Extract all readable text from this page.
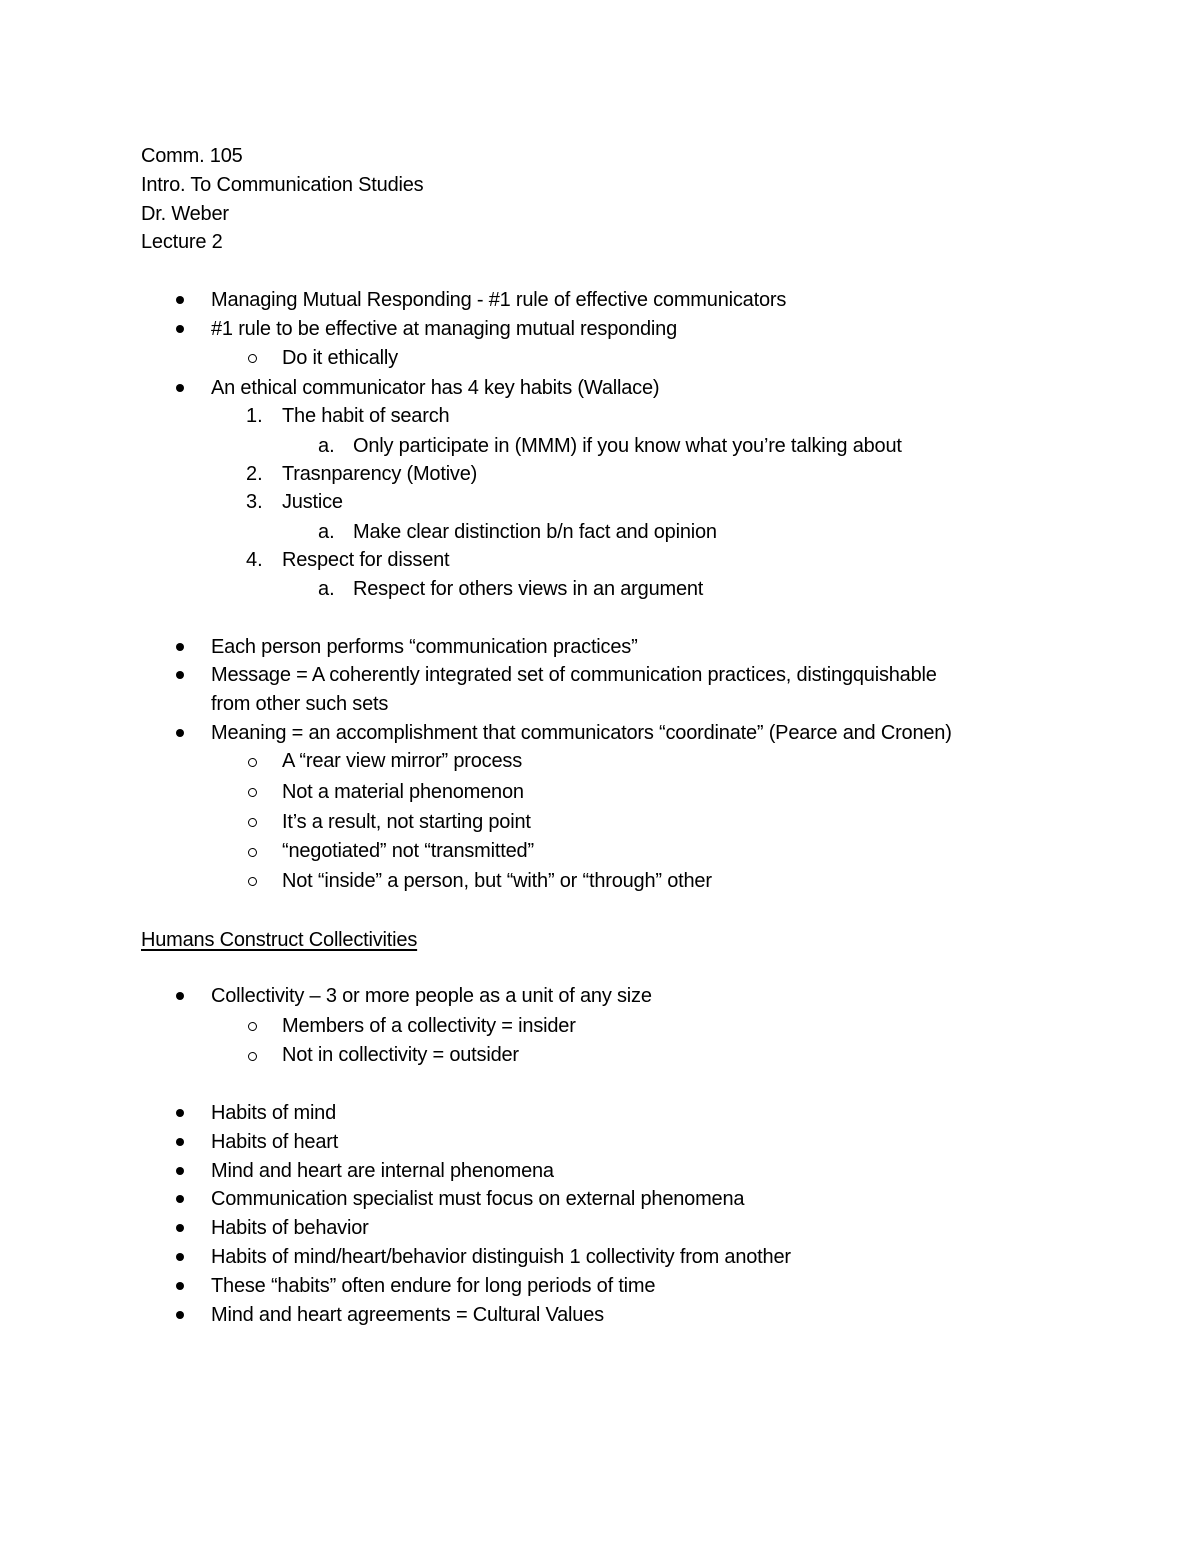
Comm. 105
Intro. To Communication Studies
Dr. Weber
Lecture 2
Managing Mutual Responding - #1 rule of effective communicators
#1 rule to be effective at managing mutual responding
Do it ethically
An ethical communicator has 4 key habits (Wallace)
1. The habit of search
a. Only participate in (MMM) if you know what you’re talking about
2. Trasnparency (Motive)
3. Justice
a. Make clear distinction b/n fact and opinion
4. Respect for dissent
a. Respect for others views in an argument
Each person performs “communication practices”
Message = A coherently integrated set of communication practices, distingquishable
from other such sets
Meaning = an accomplishment that communicators “coordinate” (Pearce and Cronen)
A “rear view mirror” process
Not a material phenomenon
It’s a result, not starting point
“negotiated” not “transmitted”
Not “inside” a person, but “with” or “through” other
Humans Construct Collectivities
Collectivity – 3 or more people as a unit of any size
Members of a collectivity = insider
Not in collectivity = outsider
Habits of mind
Habits of heart
Mind and heart are internal phenomena
Communication specialist must focus on external phenomena
Habits of behavior
Habits of mind/heart/behavior distinguish 1 collectivity from another
These “habits” often endure for long periods of time
Mind and heart agreements = Cultural Values
